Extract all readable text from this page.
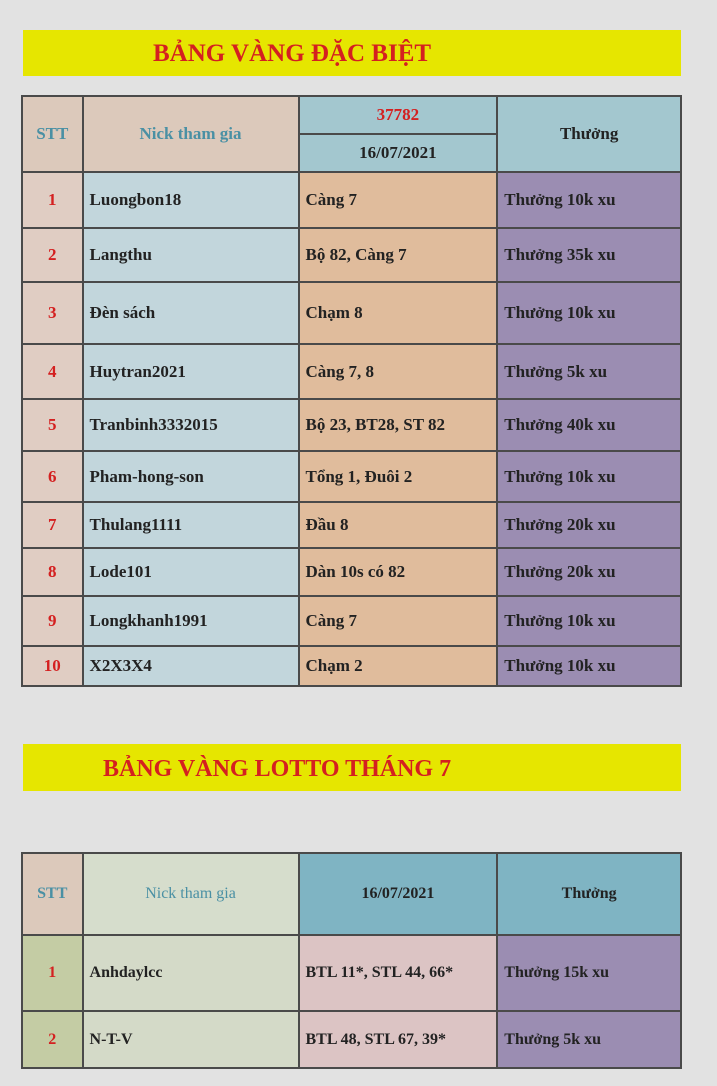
BẢNG VÀNG ĐẶC BIỆT
STT	Nick tham gia	37782	Thưởng
		16/07/2021	
1	Luongbon18	Càng 7	Thưởng 10k xu
2	Langthu	Bộ 82, Càng 7	Thưởng 35k xu
3	Đèn sách	Chạm 8	Thưởng 10k xu
4	Huytran2021	Càng 7, 8	Thưởng 5k xu
5	Tranbinh3332015	Bộ 23, BT28, ST 82	Thưởng 40k xu
6	Pham-hong-son	Tổng 1, Đuôi 2	Thưởng 10k xu
7	Thulang1111	Đầu 8	Thưởng 20k xu
8	Lode101	Dàn 10s có 82	Thưởng 20k xu
9	Longkhanh1991	Càng 7	Thưởng 10k xu
10	X2X3X4	Chạm 2	Thưởng 10k xu
BẢNG VÀNG LOTTO THÁNG 7
STT	Nick tham gia	16/07/2021	Thưởng
1	Anhdaylcc	BTL 11*, STL 44, 66*	Thưởng 15k xu
2	N-T-V	BTL 48, STL 67, 39*	Thưởng 5k xu
